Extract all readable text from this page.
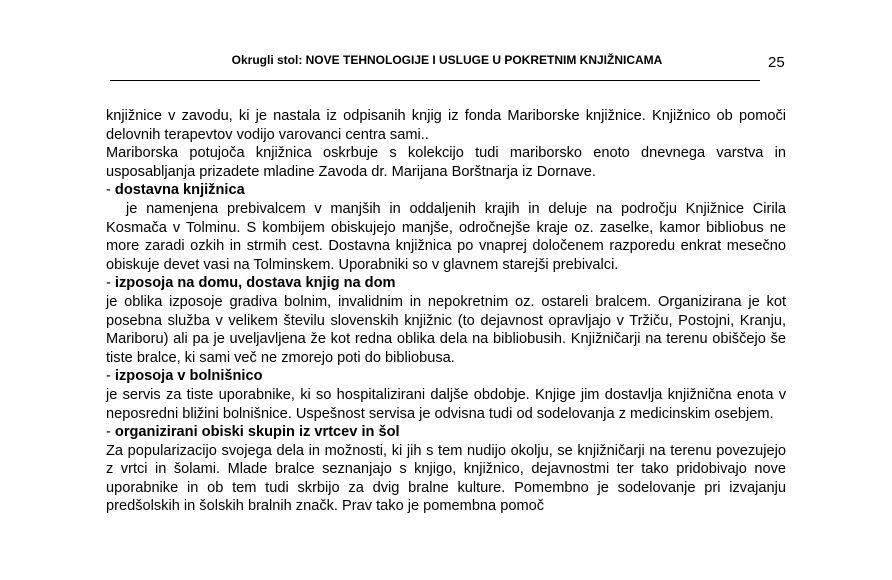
Okrugli stol: NOVE TEHNOLOGIJE I USLUGE U POKRETNIM KNJIŽNICAMA	25

knjižnice v zavodu, ki je nastala iz odpisanih knjig iz fonda Mariborske knjižnice. Knjižnico ob pomoči delovnih terapevtov vodijo varovanci centra sami..

Mariborska potujoča knjižnica oskrbuje s kolekcijo tudi mariborsko enoto dnevnega varstva in usposabljanja prizadete mladine Zavoda dr. Marijana Borštnarja iz Dornave.

- dostavna knjižnica

je namenjena prebivalcem v manjših in oddaljenih krajih in deluje na področju Knjižnice Cirila Kosmača v Tolminu. S kombijem obiskujejo manjše, odročnejše kraje oz. zaselke, kamor bibliobus ne more zaradi ozkih in strmih cest. Dostavna knjižnica po vnaprej določenem razporedu enkrat mesečno obiskuje devet vasi na Tolminskem. Uporabniki so v glavnem starejši prebivalci.

- izposoja na domu, dostava knjig na dom

je oblika izposoje gradiva bolnim, invalidnim in nepokretnim oz. ostareli bralcem. Organizirana je kot posebna služba v velikem številu slovenskih knjižnic (to dejavnost opravljajo v Tržiču, Postojni, Kranju, Mariboru) ali pa je uveljavljena že kot redna oblika dela na bibliobusih. Knjižničarji na terenu obiščejo še tiste bralce, ki sami več ne zmorejo poti do bibliobusa.

- izposoja v bolnišnico

je servis za tiste uporabnike, ki so hospitalizirani daljše obdobje. Knjige jim dostavlja knjižnična enota v neposredni bližini bolnišnice. Uspešnost servisa je odvisna tudi od sodelovanja z medicinskim osebjem.

- organizirani obiski skupin iz vrtcev in šol

Za popularizacijo svojega dela in možnosti, ki jih s tem nudijo okolju, se knjižničarji na terenu povezujejo z vrtci in šolami. Mlade bralce seznanjajo s knjigo, knjižnico, dejavnostmi ter tako pridobivajo nove uporabnike in ob tem tudi skrbijo za dvig bralne kulture. Pomembno je sodelovanje pri izvajanju predšolskih in šolskih bralnih značk. Prav tako je pomembna pomoč
